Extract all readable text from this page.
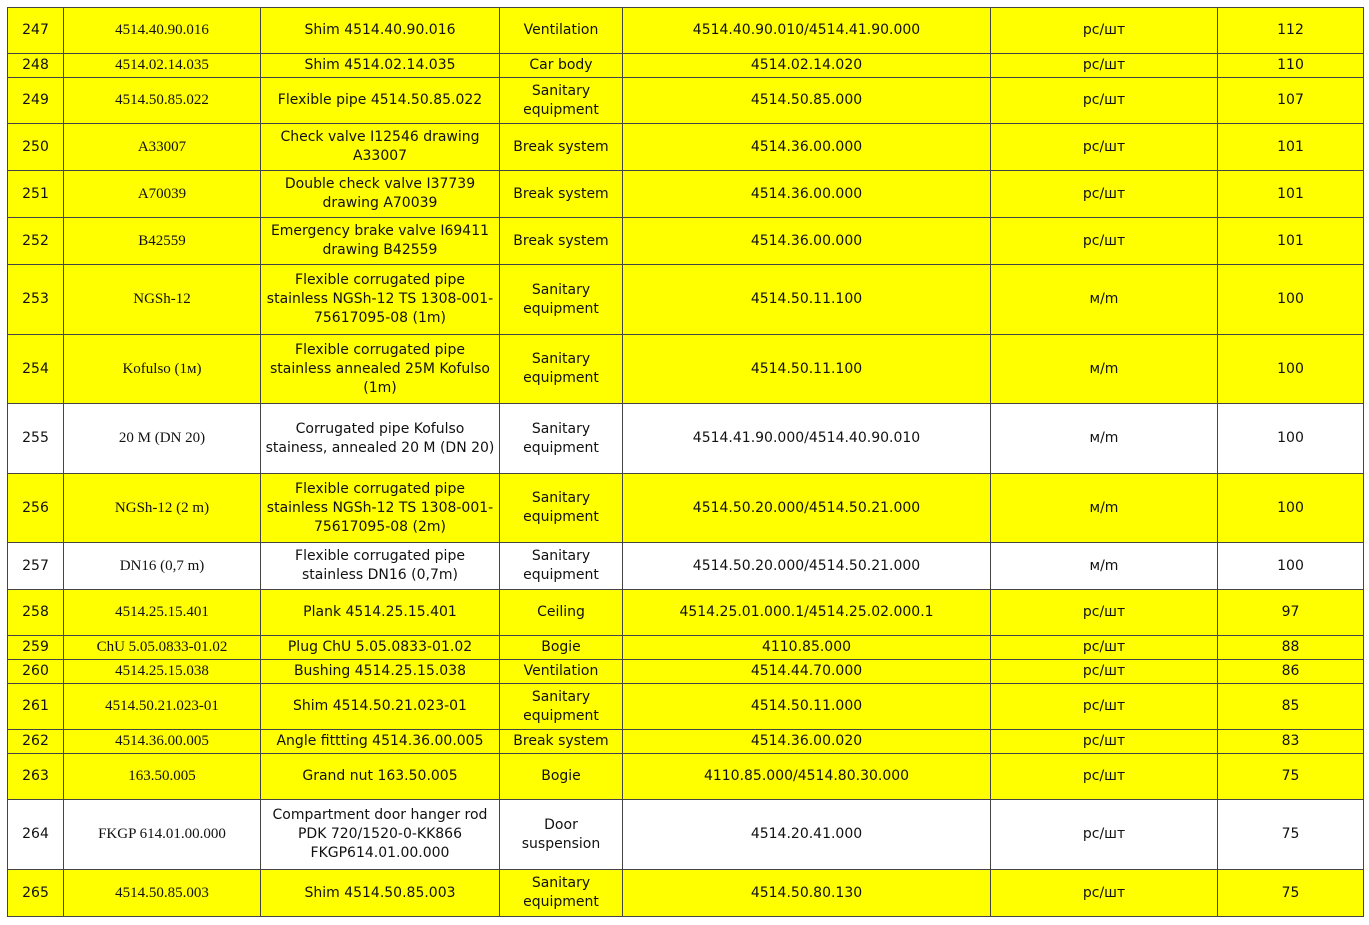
247	4514.40.90.016	Shim 4514.40.90.016	Ventilation	4514.40.90.010/4514.41.90.000	pc/шт	112
248	4514.02.14.035	Shim 4514.02.14.035	Car body	4514.02.14.020	pc/шт	110
249	4514.50.85.022	Flexible pipe 4514.50.85.022	Sanitary equipment	4514.50.85.000	pc/шт	107
250	A33007	Check valve I12546 drawing A33007	Break system	4514.36.00.000	pc/шт	101
251	A70039	Double check valve I37739 drawing A70039	Break system	4514.36.00.000	pc/шт	101
252	B42559	Emergency brake valve I69411 drawing B42559	Break system	4514.36.00.000	pc/шт	101
253	NGSh-12	Flexible corrugated pipe stainless NGSh-12 TS 1308-001-75617095-08 (1m)	Sanitary equipment	4514.50.11.100	м/m	100
254	Kofulso (1м)	Flexible corrugated pipe stainless annealed 25M Kofulso (1m)	Sanitary equipment	4514.50.11.100	м/m	100
255	20 M (DN 20)	Corrugated pipe Kofulso stainess, annealed 20 M (DN 20)	Sanitary equipment	4514.41.90.000/4514.40.90.010	м/m	100
256	NGSh-12 (2 m)	Flexible corrugated pipe stainless NGSh-12 TS 1308-001-75617095-08 (2m)	Sanitary equipment	4514.50.20.000/4514.50.21.000	м/m	100
257	DN16 (0,7 m)	Flexible corrugated pipe stainless DN16 (0,7m)	Sanitary equipment	4514.50.20.000/4514.50.21.000	м/m	100
258	4514.25.15.401	Plank 4514.25.15.401	Ceiling	4514.25.01.000.1/4514.25.02.000.1	pc/шт	97
259	ChU 5.05.0833-01.02	Plug ChU 5.05.0833-01.02	Bogie	4110.85.000	pc/шт	88
260	4514.25.15.038	Bushing 4514.25.15.038	Ventilation	4514.44.70.000	pc/шт	86
261	4514.50.21.023-01	Shim 4514.50.21.023-01	Sanitary equipment	4514.50.11.000	pc/шт	85
262	4514.36.00.005	Angle fittting 4514.36.00.005	Break system	4514.36.00.020	pc/шт	83
263	163.50.005	Grand nut 163.50.005	Bogie	4110.85.000/4514.80.30.000	pc/шт	75
264	FKGP 614.01.00.000	Compartment door hanger rod PDK 720/1520-0-KK866 FKGP614.01.00.000	Door suspension	4514.20.41.000	pc/шт	75
265	4514.50.85.003	Shim 4514.50.85.003	Sanitary equipment	4514.50.80.130	pc/шт	75
